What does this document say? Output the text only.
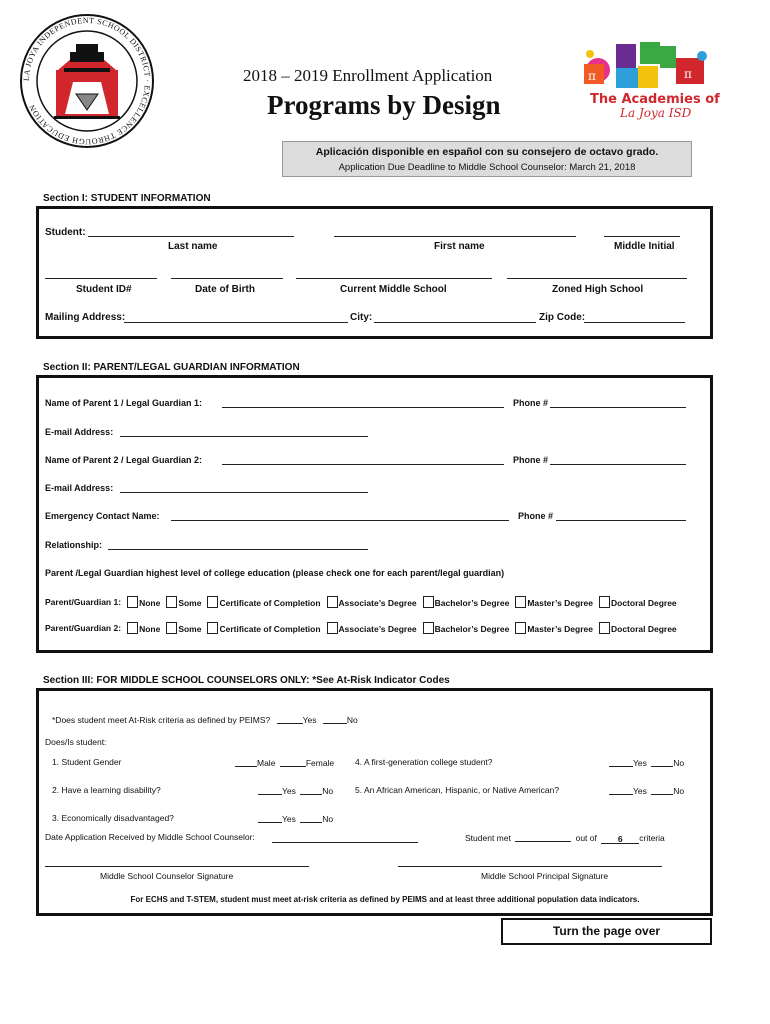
LA JOYA INDEPENDENT SCHOOL DISTRICT · EXCELLENCE THROUGH EDUCATION
π	π
The Academies of
La Joya ISD
2018 – 2019 Enrollment Application
Programs by Design
Aplicación disponible en español con su consejero de octavo grado.
Application Due Deadline to Middle School Counselor: March 21, 2018
Section I: STUDENT INFORMATION
Student:
Last name	First name	Middle Initial
Student ID#	Date of Birth	Current Middle School	Zoned High School
Mailing Address:	City:	Zip Code:
Section II: PARENT/LEGAL GUARDIAN INFORMATION
Name of Parent 1 / Legal Guardian 1:	Phone #
E-mail Address:
Name of Parent 2 / Legal Guardian 2:	Phone #
E-mail Address:
Emergency Contact Name:	Phone #
Relationship:
Parent /Legal Guardian highest level of college education (please check one for each parent/legal guardian)
Parent/Guardian 1:	None	Some	Certificate of Completion	Associate’s Degree	Bachelor’s Degree	Master’s Degree	Doctoral Degree
Parent/Guardian 2:	None	Some	Certificate of Completion	Associate’s Degree	Bachelor’s Degree	Master’s Degree	Doctoral Degree
Section III: FOR MIDDLE SCHOOL COUNSELORS ONLY: *See At-Risk Indicator Codes
*Does student meet At-Risk criteria as defined by PEIMS?	Yes	No
Does/Is student:
1. Student Gender	Male	Female 4. A first-generation college student?	Yes	No
2. Have a learning disability?	Yes	No	5. An African American, Hispanic, or Native American?	Yes	No
3. Economically disadvantaged?	Yes	No
Date Application Received by Middle School Counselor:	Student met	out of 6 criteria
Middle School Counselor Signature	Middle School Principal Signature
For ECHS and T-STEM, student must meet at-risk criteria as defined by PEIMS and at least three additional population data indicators.
Turn the page over
